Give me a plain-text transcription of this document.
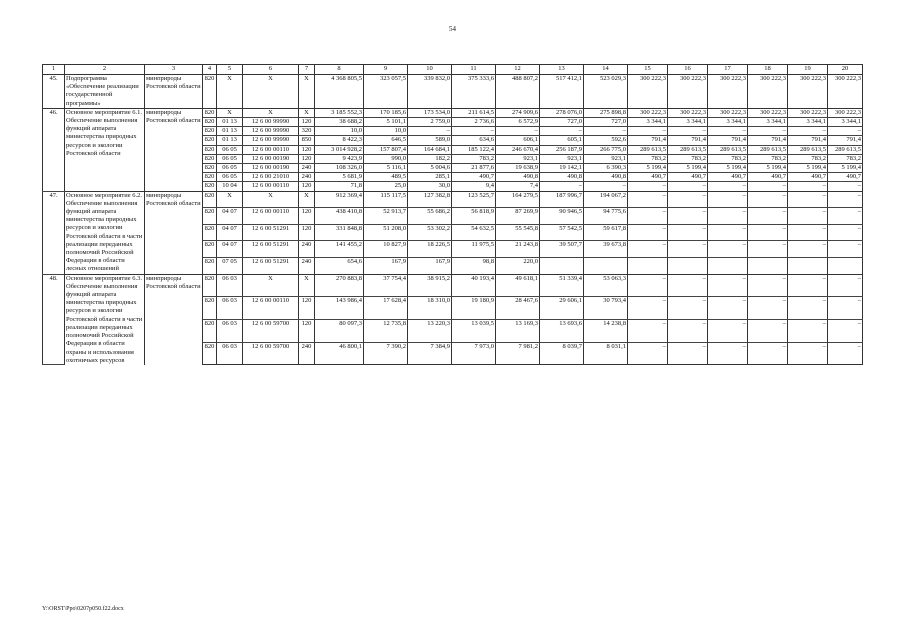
54
1	2	3	4	5	6	7	8	9	10	11	12	13	14	15	16	17	18	19	20
45.	Подпрограмма «Обеспечение реализации государственной программы»	минприроды Ростовской области	820	Х	Х	Х	4 368 805,5	323 057,5	339 832,0	375 333,6	488 807,2	517 412,1	523 029,3	300 222,3	300 222,3	300 222,3	300 222,3	300 222,3	300 222,3
46.	Основное мероприятие 6.1. Обеспечение выполнения функций аппарата министерства природных ресурсов и экологии Ростовской области	минприроды Ростовской области	820	Х	Х	Х	3 185 552,3	170 185,6	173 534,0	211 614,5	274 909,6	278 076,0	275 898,8	300 222,3	300 222,3	300 222,3	300 222,3	300 222,3	300 222,3
			820	01 13	12 6 00 99990	120	38 688,2	5 101,1	2 759,0	2 736,6	6 572,9	727,0	727,0	3 344,1	3 344,1	3 344,1	3 344,1	3 344,1	3 344,1
			820	01 13	12 6 00 99990	320	10,0	10,0	–	–	–	–	–	–	–	–	–	–	–
			820	01 13	12 6 00 99990	850	8 422,3	646,5	589,0	634,6	606,1	605,1	592,6	791,4	791,4	791,4	791,4	791,4	791,4
			820	06 05	12 6 00 00110	120	3 014 928,2	157 807,4	164 684,1	185 122,4	246 670,4	256 187,9	266 775,0	289 613,5	289 613,5	289 613,5	289 613,5	289 613,5	289 613,5
			820	06 05	12 6 00 00190	120	9 423,9	990,0	182,2	783,2	923,1	923,1	923,1	783,2	783,2	783,2	783,2	783,2	783,2
			820	06 05	12 6 00 00190	240	108 326,0	5 116,1	5 004,6	21 877,6	19 638,9	19 142,1	6 390,3	5 199,4	5 199,4	5 199,4	5 199,4	5 199,4	5 199,4
			820	06 05	12 6 00 21010	240	5 681,9	489,5	285,1	490,7	490,8	490,8	490,8	490,7	490,7	490,7	490,7	490,7	490,7
			820	10 04	12 6 00 00110	120	71,8	25,0	30,0	9,4	7,4	–	–	–	–	–	–	–	–
47.	Основное мероприятие 6.2. Обеспечение выполнения функций аппарата министерства природных ресурсов и экологии Ростовской области в части реализации переданных полномочий Российской Федерации в области лесных отношений	минприроды Ростовской области	820	Х	Х	Х	912 369,4	115 117,5	127 382,8	123 525,7	164 279,5	187 996,7	194 067,2	–	–	–	–	–	–
			820	04 07	12 6 00 00110	120	438 410,8	52 913,7	55 686,2	56 818,9	87 269,9	90 946,5	94 775,6	–	–	–	–	–	–
			820	04 07	12 6 00 51291	120	331 848,8	51 208,0	53 302,2	54 632,5	55 545,8	57 542,5	59 617,8	–	–	–	–	–	–
			820	04 07	12 6 00 51291	240	141 455,2	10 827,9	18 226,5	11 975,5	21 243,8	39 507,7	39 673,8	–	–	–	–	–	–
			820	07 05	12 6 00 51291	240	654,6	167,9	167,9	98,8	220,0								
48.	Основное мероприятие 6.3. Обеспечение выполнения функций аппарата министерства природных ресурсов и экологии Ростовской области в части реализации переданных полномочий Российской Федерации в области охраны и использования охотничьих ресурсов	минприроды Ростовской области	820	06 03	Х	Х	270 883,8	37 754,4	38 915,2	40 193,4	49 618,1	51 339,4	53 063,3	–	–	–	–	–	–
			820	06 03	12 6 00 00110	120	143 986,4	17 628,4	18 310,0	19 180,9	28 467,6	29 606,1	30 793,4	–	–	–	–	–	–
			820	06 03	12 6 00 59700	120	80 097,3	12 735,8	13 220,3	13 039,5	13 169,3	13 693,6	14 238,8	–	–	–	–	–	–
			820	06 03	12 6 00 59700	240	46 800,1	7 390,2	7 384,9	7 973,0	7 981,2	8 039,7	8 031,1	–	–	–	–	–	–
Y:\ORST\Ppo\0207p050.f22.docx
